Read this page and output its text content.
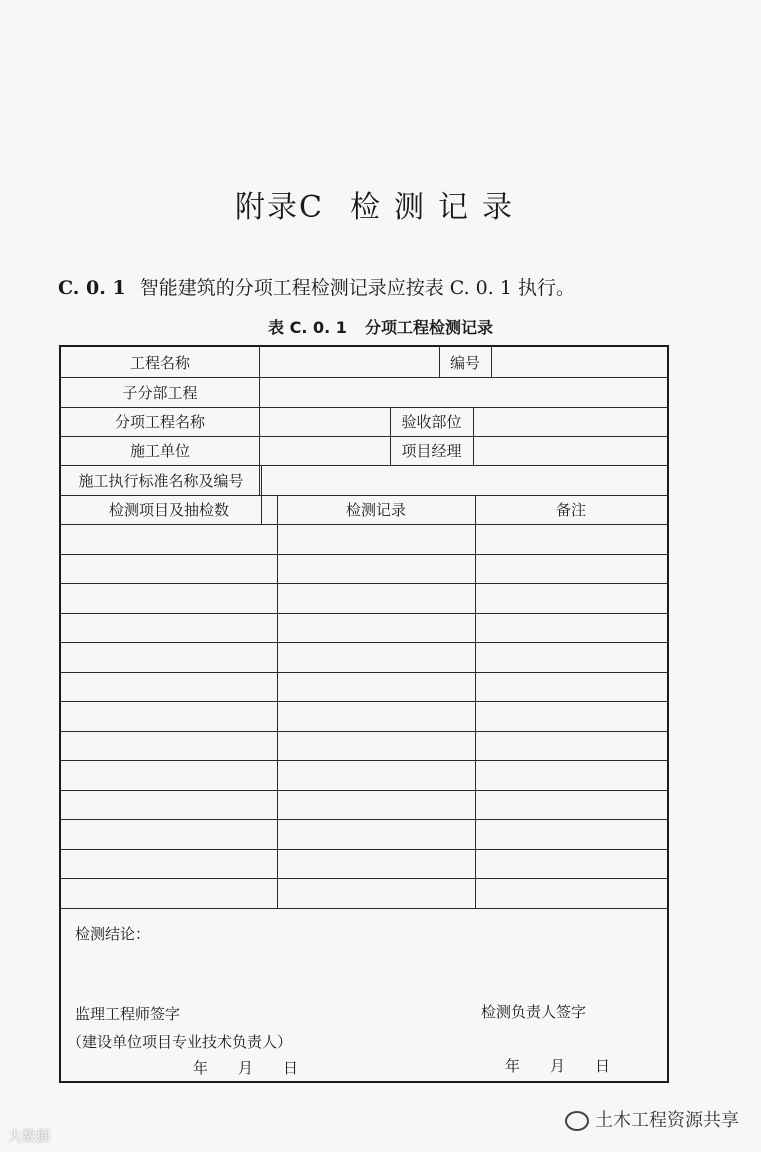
附录C 检测记录
C. 0. 1 智能建筑的分项工程检测记录应按表 C. 0. 1 执行。
表 C. 0. 1 分项工程检测记录
工程名称	编号
子分部工程
分项工程名称	验收部位
施工单位	项目经理
施工执行标准名称及编号
检测项目及抽检数	检测记录	备注
检测结论：
监理工程师签字	检测负责人签字
（建设单位项目专业技术负责人）
年　　月　　日	年　　月　　日
大数据
土木工程资源共享
